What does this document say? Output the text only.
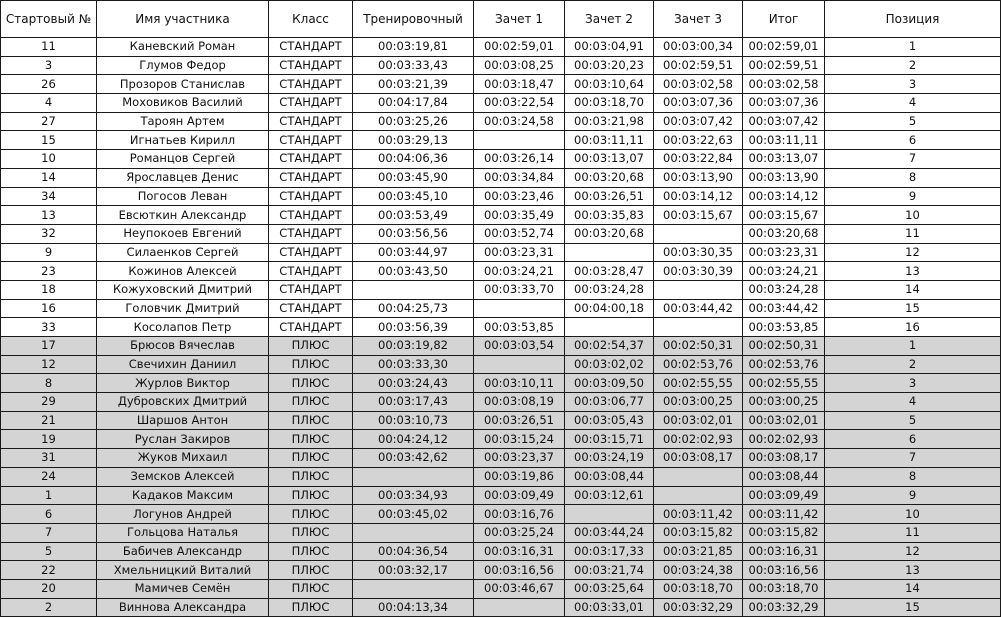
Стартовый №	Имя участника	Класс	Тренировочный	Зачет 1	Зачет 2	Зачет 3	Итог	Позиция
11	Каневский Роман	СТАНДАРТ	00:03:19,81	00:02:59,01	00:03:04,91	00:03:00,34	00:02:59,01	1
3	Глумов Федор	СТАНДАРТ	00:03:33,43	00:03:08,25	00:03:20,23	00:02:59,51	00:02:59,51	2
26	Прозоров Станислав	СТАНДАРТ	00:03:21,39	00:03:18,47	00:03:10,64	00:03:02,58	00:03:02,58	3
4	Моховиков Василий	СТАНДАРТ	00:04:17,84	00:03:22,54	00:03:18,70	00:03:07,36	00:03:07,36	4
27	Тароян Артем	СТАНДАРТ	00:03:25,26	00:03:24,58	00:03:21,98	00:03:07,42	00:03:07,42	5
15	Игнатьев Кирилл	СТАНДАРТ	00:03:29,13		00:03:11,11	00:03:22,63	00:03:11,11	6
10	Романцов Сергей	СТАНДАРТ	00:04:06,36	00:03:26,14	00:03:13,07	00:03:22,84	00:03:13,07	7
14	Ярославцев Денис	СТАНДАРТ	00:03:45,90	00:03:34,84	00:03:20,68	00:03:13,90	00:03:13,90	8
34	Погосов Леван	СТАНДАРТ	00:03:45,10	00:03:23,46	00:03:26,51	00:03:14,12	00:03:14,12	9
13	Евсюткин Александр	СТАНДАРТ	00:03:53,49	00:03:35,49	00:03:35,83	00:03:15,67	00:03:15,67	10
32	Неупокоев Евгений	СТАНДАРТ	00:03:56,56	00:03:52,74	00:03:20,68		00:03:20,68	11
9	Силаенков Сергей	СТАНДАРТ	00:03:44,97	00:03:23,31		00:03:30,35	00:03:23,31	12
23	Кожинов Алексей	СТАНДАРТ	00:03:43,50	00:03:24,21	00:03:28,47	00:03:30,39	00:03:24,21	13
18	Кожуховский Дмитрий	СТАНДАРТ		00:03:33,70	00:03:24,28		00:03:24,28	14
16	Головчик Дмитрий	СТАНДАРТ	00:04:25,73		00:04:00,18	00:03:44,42	00:03:44,42	15
33	Косолапов Петр	СТАНДАРТ	00:03:56,39	00:03:53,85			00:03:53,85	16
17	Брюсов Вячеслав	ПЛЮС	00:03:19,82	00:03:03,54	00:02:54,37	00:02:50,31	00:02:50,31	1
12	Свечихин Даниил	ПЛЮС	00:03:33,30		00:03:02,02	00:02:53,76	00:02:53,76	2
8	Журлов Виктор	ПЛЮС	00:03:24,43	00:03:10,11	00:03:09,50	00:02:55,55	00:02:55,55	3
29	Дубровских Дмитрий	ПЛЮС	00:03:17,43	00:03:08,19	00:03:06,77	00:03:00,25	00:03:00,25	4
21	Шаршов Антон	ПЛЮС	00:03:10,73	00:03:26,51	00:03:05,43	00:03:02,01	00:03:02,01	5
19	Руслан Закиров	ПЛЮС	00:04:24,12	00:03:15,24	00:03:15,71	00:02:02,93	00:02:02,93	6
31	Жуков Михаил	ПЛЮС	00:03:42,62	00:03:23,37	00:03:24,19	00:03:08,17	00:03:08,17	7
24	Земсков Алексей	ПЛЮС		00:03:19,86	00:03:08,44		00:03:08,44	8
1	Кадаков Максим	ПЛЮС	00:03:34,93	00:03:09,49	00:03:12,61		00:03:09,49	9
6	Логунов Андрей	ПЛЮС	00:03:45,02	00:03:16,76		00:03:11,42	00:03:11,42	10
7	Гольцова Наталья	ПЛЮС		00:03:25,24	00:03:44,24	00:03:15,82	00:03:15,82	11
5	Бабичев Александр	ПЛЮС	00:04:36,54	00:03:16,31	00:03:17,33	00:03:21,85	00:03:16,31	12
22	Хмельницкий Виталий	ПЛЮС	00:03:32,17	00:03:16,56	00:03:21,74	00:03:24,38	00:03:16,56	13
20	Мамичев Семён	ПЛЮС		00:03:46,67	00:03:25,64	00:03:18,70	00:03:18,70	14
2	Виннова Александра	ПЛЮС	00:04:13,34		00:03:33,01	00:03:32,29	00:03:32,29	15
